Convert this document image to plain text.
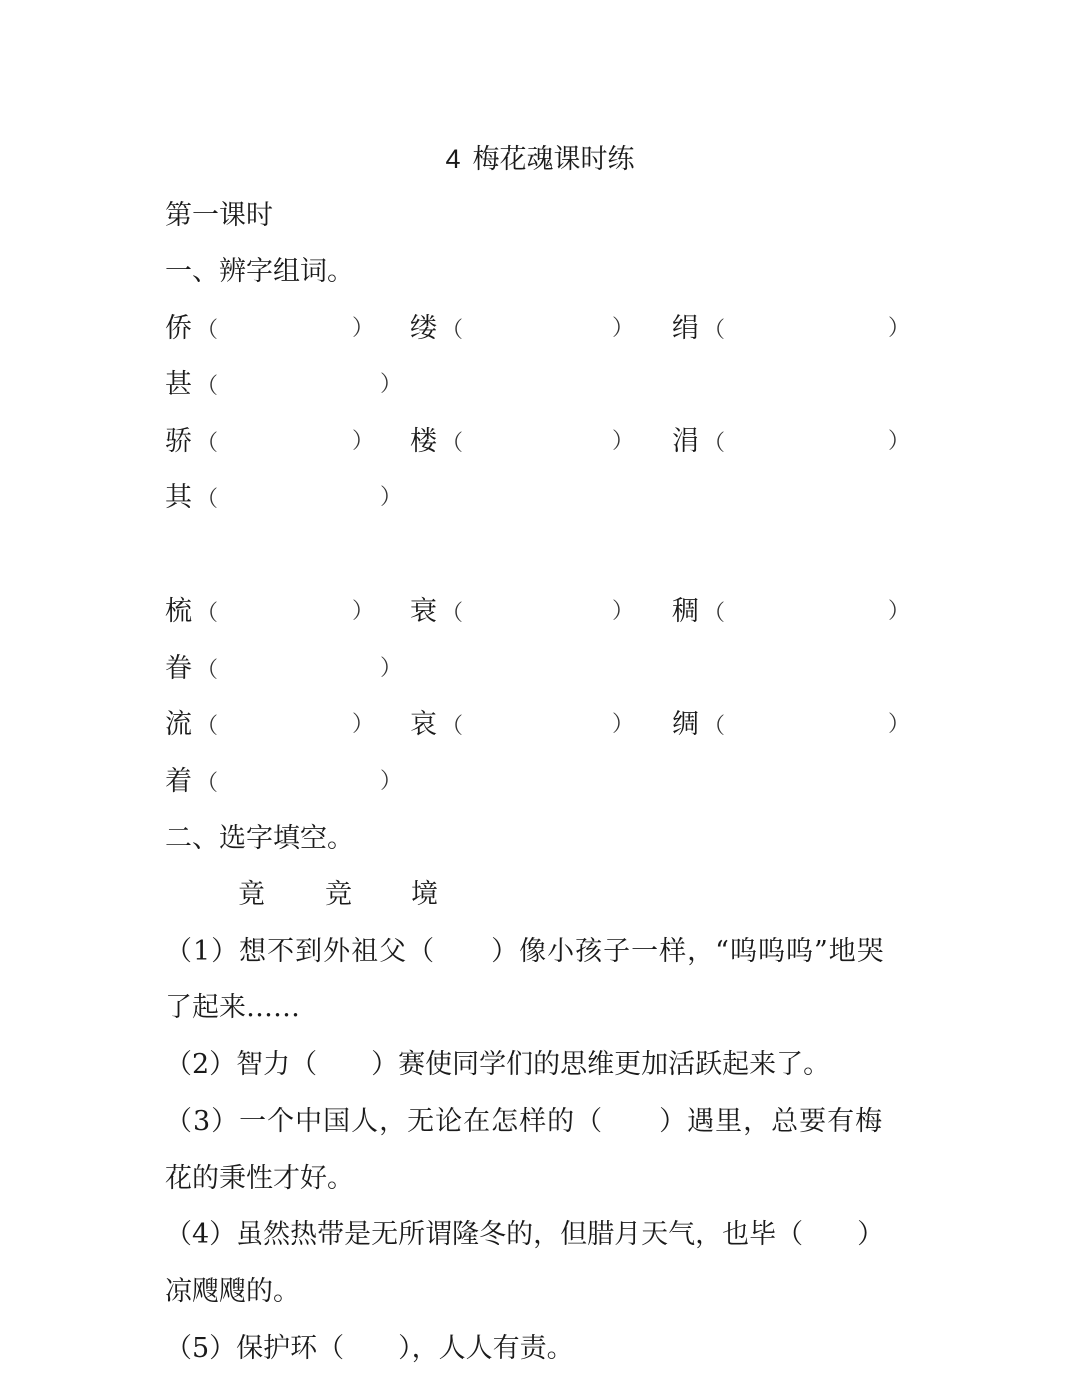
4 梅花魂课时练
第一课时
一、辨字组词。
侨 （	） 缕 （	） 绢 （	）
甚 （	）
骄 （	） 楼 （	） 涓 （	）
其 （	）
梳 （	） 衰 （	） 稠 （	）
眷 （	）
流 （	） 哀 （	） 绸 （	）
着 （	）
二、选字填空。
竟 竞 境
（1）想不到外祖父（　　）像小孩子一样，“呜呜呜”地哭
了起来……
（2）智力（　　）赛使同学们的思维更加活跃起来了。
（3）一个中国人，无论在怎样的（　　）遇里，总要有梅
花的秉性才好。
（4）虽然热带是无所谓隆冬的，但腊月天气，也毕（　　）
凉飕飕的。
（5）保护环（　　），人人有责。
